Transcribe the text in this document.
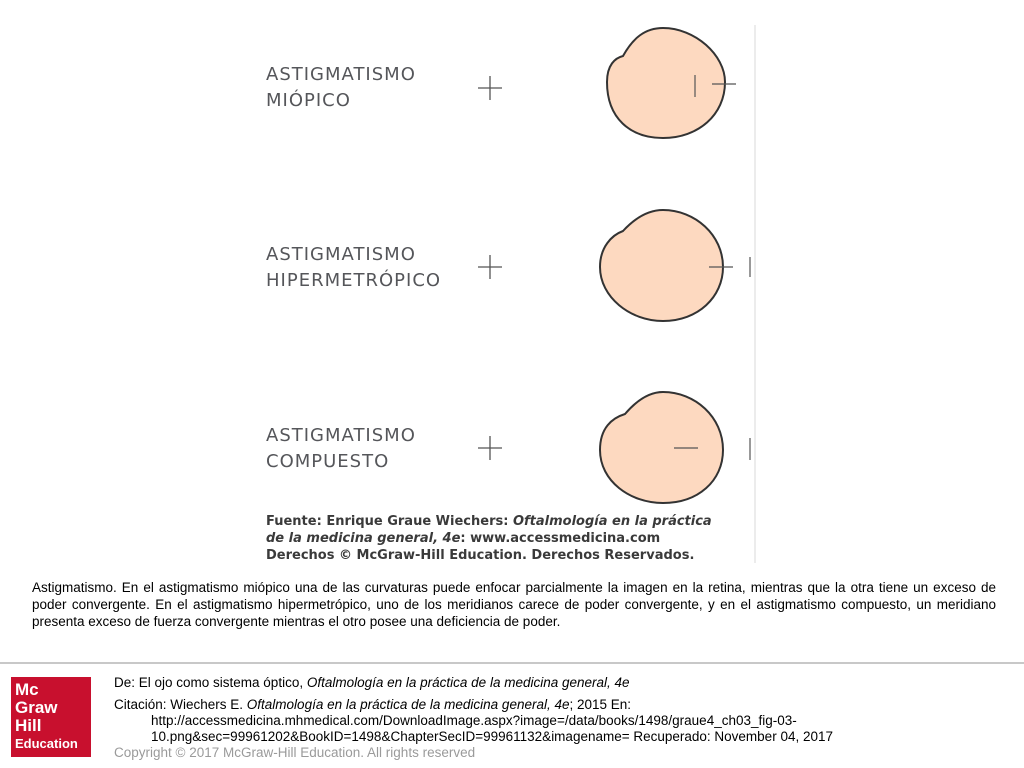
ASTIGMATISMO
MIÓPICO
ASTIGMATISMO
HIPERMETRÓPICO
ASTIGMATISMO
COMPUESTO
Fuente: Enrique Graue Wiechers: Oftalmología en la práctica
de la medicina general, 4e: www.accessmedicina.com
Derechos © McGraw-Hill Education. Derechos Reservados.
Astigmatismo. En el astigmatismo miópico una de las curvaturas puede enfocar parcialmente la imagen en la retina, mientras que la otra tiene un exceso de poder convergente. En el astigmatismo hipermetrópico, uno de los meridianos carece de poder convergente, y en el astigmatismo compuesto, un meridiano presenta exceso de fuerza convergente mientras el otro posee una deficiencia de poder.
Mc
Graw
Hill
Education
De: El ojo como sistema óptico, Oftalmología en la práctica de la medicina general, 4e
Citación: Wiechers E. Oftalmología en la práctica de la medicina general, 4e; 2015 En:
http://accessmedicina.mhmedical.com/DownloadImage.aspx?image=/data/books/1498/graue4_ch03_fig-03-
10.png&sec=99961202&BookID=1498&ChapterSecID=99961132&imagename= Recuperado: November 04, 2017
Copyright © 2017 McGraw-Hill Education. All rights reserved
